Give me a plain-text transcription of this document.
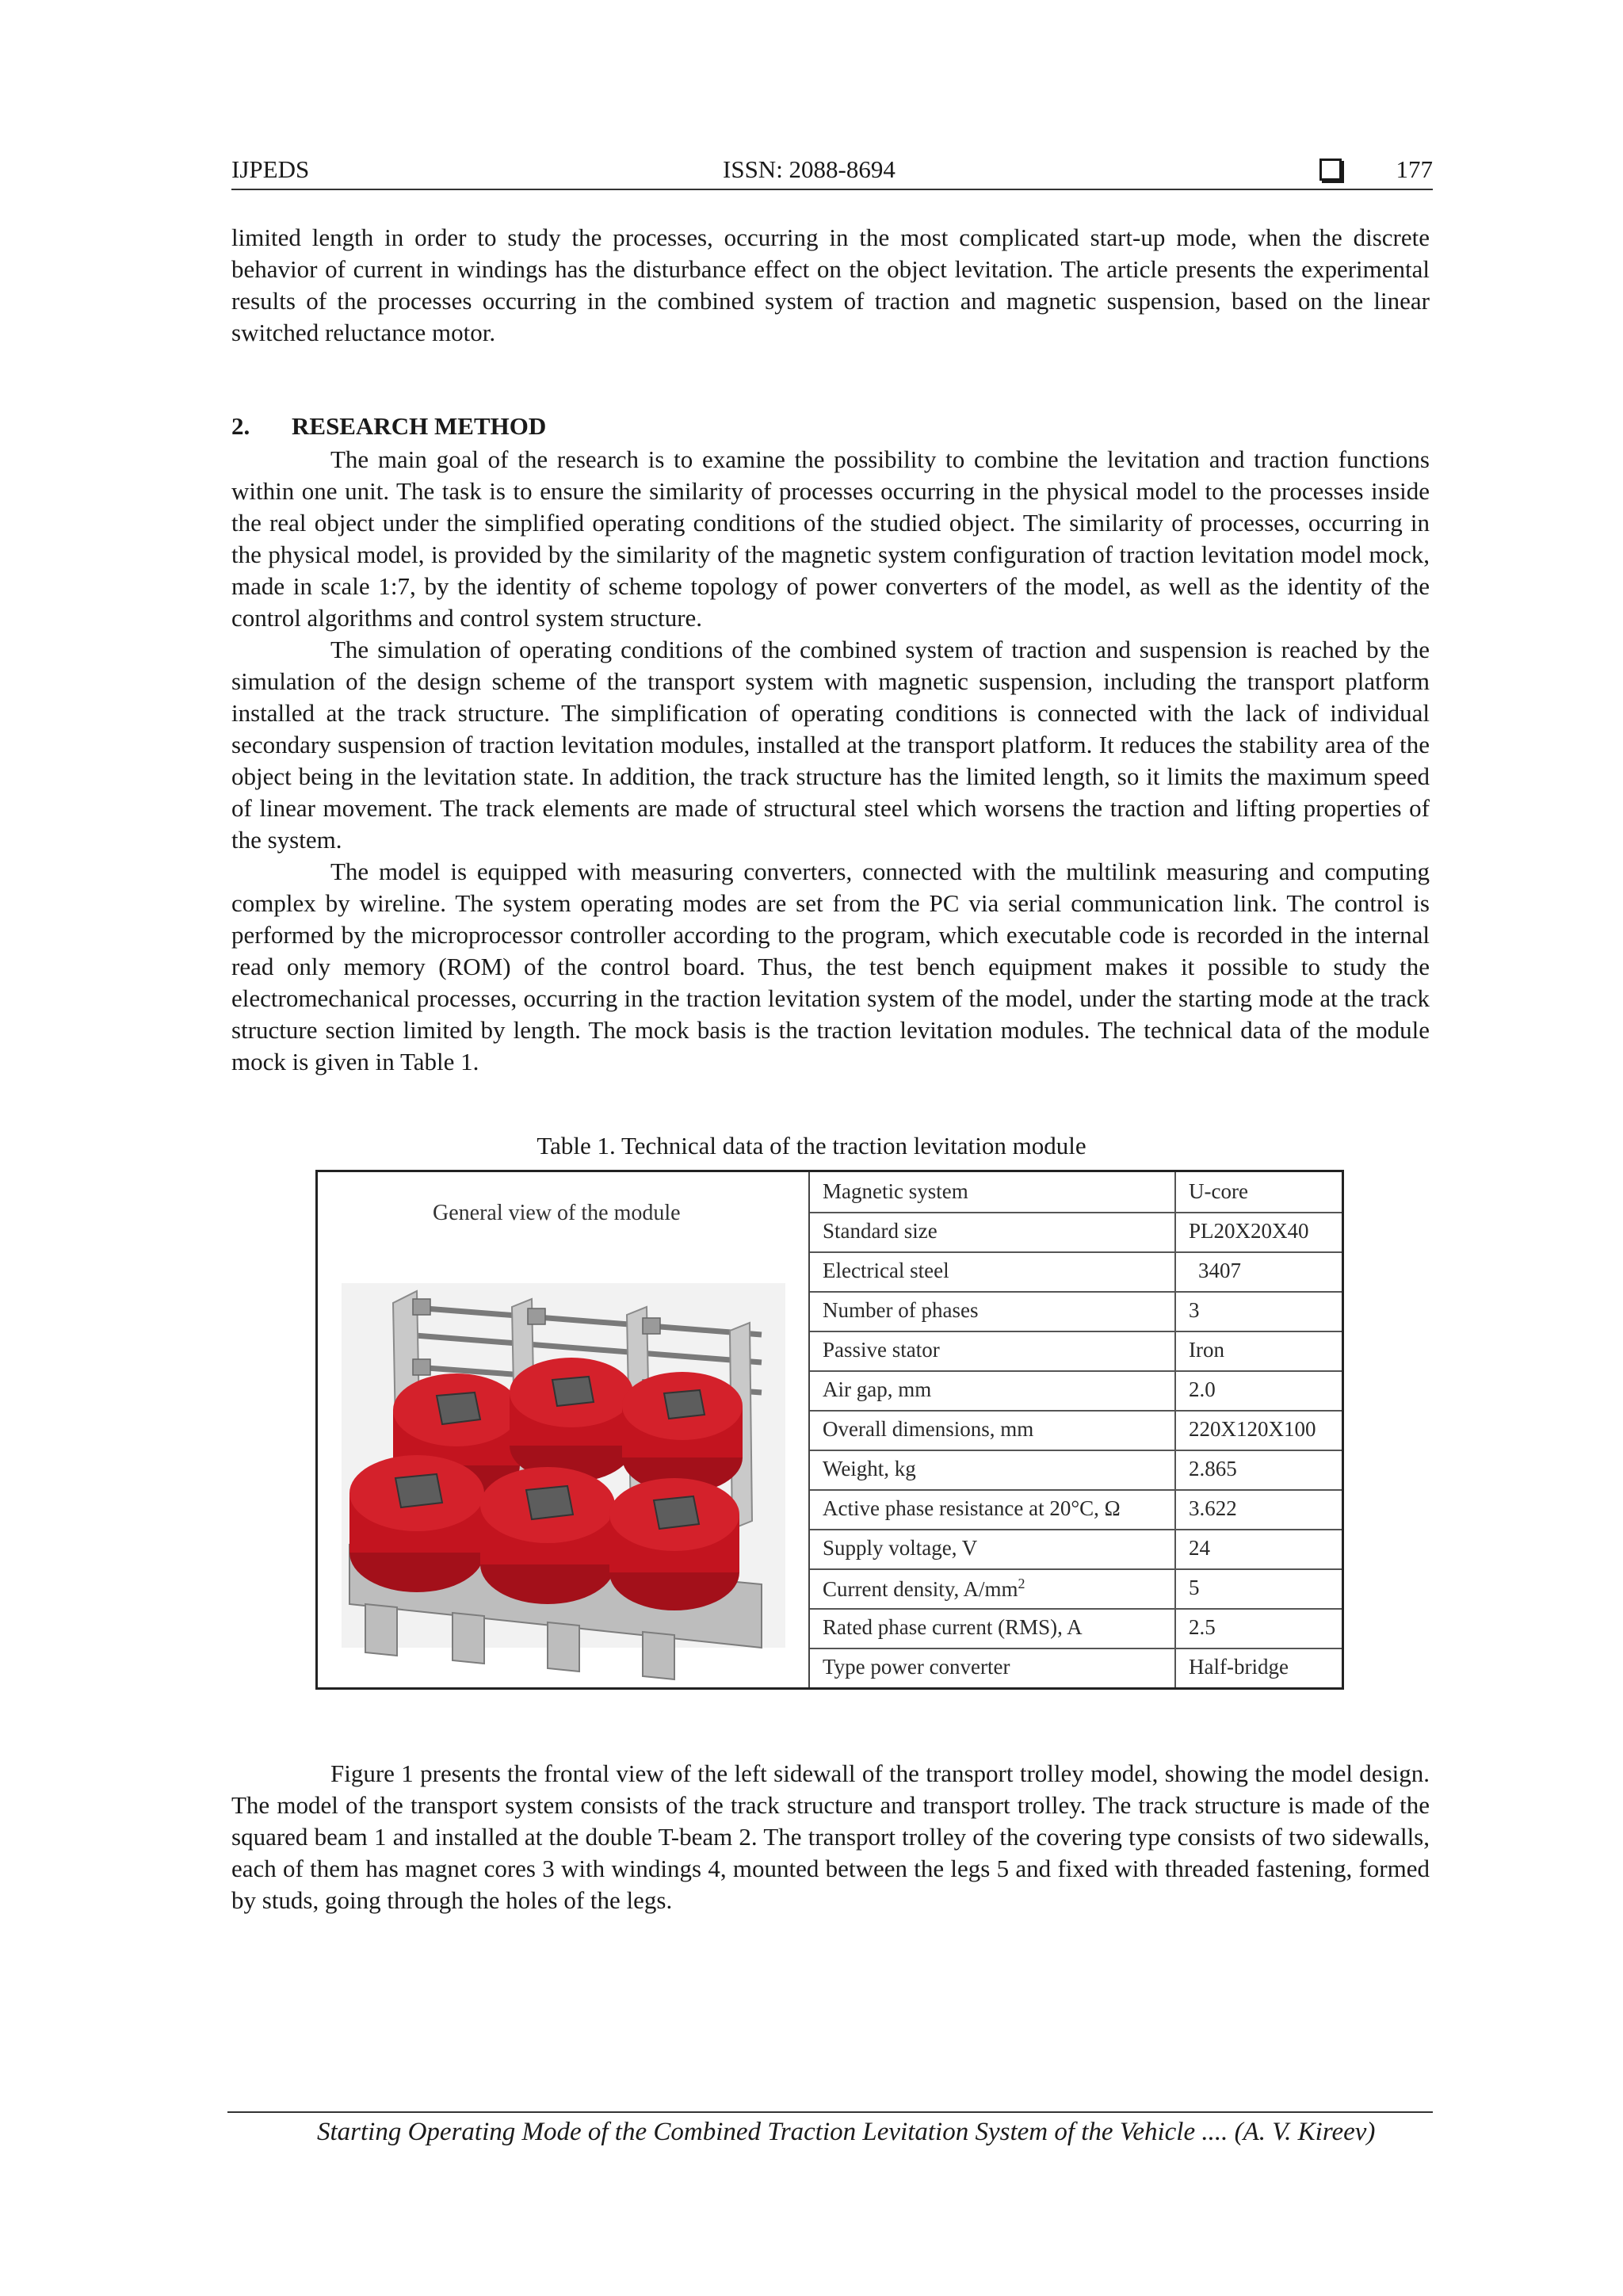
IJPEDS	ISSN: 2088-8694	177

limited length in order to study the processes, occurring in the most complicated start-up mode, when the discrete behavior of current in windings has the disturbance effect on the object levitation. The article presents the experimental results of the processes occurring in the combined system of traction and magnetic suspension, based on the linear switched reluctance motor.

2. RESEARCH METHOD

The main goal of the research is to examine the possibility to combine the levitation and traction functions within one unit. The task is to ensure the similarity of processes occurring in the physical model to the processes inside the real object under the simplified operating conditions of the studied object. The similarity of processes, occurring in the physical model, is provided by the similarity of the magnetic system configuration of traction levitation model mock, made in scale 1:7, by the identity of scheme topology of power converters of the model, as well as the identity of the control algorithms and control system structure.

The simulation of operating conditions of the combined system of traction and suspension is reached by the simulation of the design scheme of the transport system with magnetic suspension, including the transport platform installed at the track structure. The simplification of operating conditions is connected with the lack of individual secondary suspension of traction levitation modules, installed at the transport platform. It reduces the stability area of the object being in the levitation state. In addition, the track structure has the limited length, so it limits the maximum speed of linear movement. The track elements are made of structural steel which worsens the traction and lifting properties of the system.

The model is equipped with measuring converters, connected with the multilink measuring and computing complex by wireline. The system operating modes are set from the PC via serial communication link. The control is performed by the microprocessor controller according to the program, which executable code is recorded in the internal read only memory (ROM) of the control board. Thus, the test bench equipment makes it possible to study the electromechanical processes, occurring in the traction levitation system of the model, under the starting mode at the track structure section limited by length. The mock basis is the traction levitation modules. The technical data of the module mock is given in Table 1.

Table 1. Technical data of the traction levitation module
General view of the module
Magnetic system	U-core
Standard size	PL20X20X40
Electrical steel	3407
Number of phases	3
Passive stator	Iron
Air gap, mm	2.0
Overall dimensions, mm	220X120X100
Weight, kg	2.865
Active phase resistance at 20°C, Ω	3.622
Supply voltage, V	24
Current density, $A/mm^2$	5
Rated phase current (RMS), A	2.5
Type power converter	Half-bridge

Figure 1 presents the frontal view of the left sidewall of the transport trolley model, showing the model design. The model of the transport system consists of the track structure and transport trolley. The track structure is made of the squared beam 1 and installed at the double T-beam 2. The transport trolley of the covering type consists of two sidewalls, each of them has magnet cores 3 with windings 4, mounted between the legs 5 and fixed with threaded fastening, formed by studs, going through the holes of the legs.

Starting Operating Mode of the Combined Traction Levitation System of the Vehicle .... (A. V. Kireev)
